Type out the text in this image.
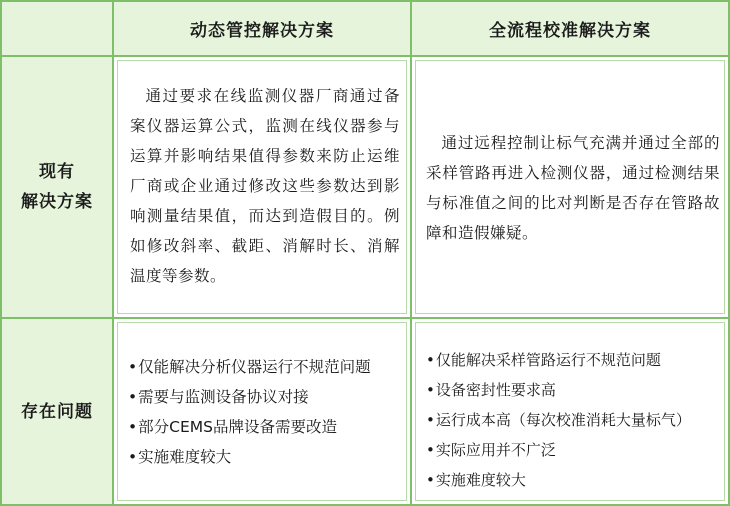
动态管控解决方案	全流程校准解决方案
现有
解决方案
通过要求在线监测仪器厂商通过备案仪器运算公式，监测在线仪器参与运算并影响结果值得参数来防止运维厂商或企业通过修改这些参数达到影响测量结果值，而达到造假目的。例如修改斜率、截距、消解时长、消解温度等参数。
通过远程控制让标气充满并通过全部的采样管路再进入检测仪器，通过检测结果与标准值之间的比对判断是否存在管路故障和造假嫌疑。
存在问题
• 仅能解决分析仪器运行不规范问题
• 需要与监测设备协议对接
• 部分CEMS品牌设备需要改造
• 实施难度较大
• 仅能解决采样管路运行不规范问题
• 设备密封性要求高
• 运行成本高（每次校准消耗大量标气）
• 实际应用并不广泛
• 实施难度较大
